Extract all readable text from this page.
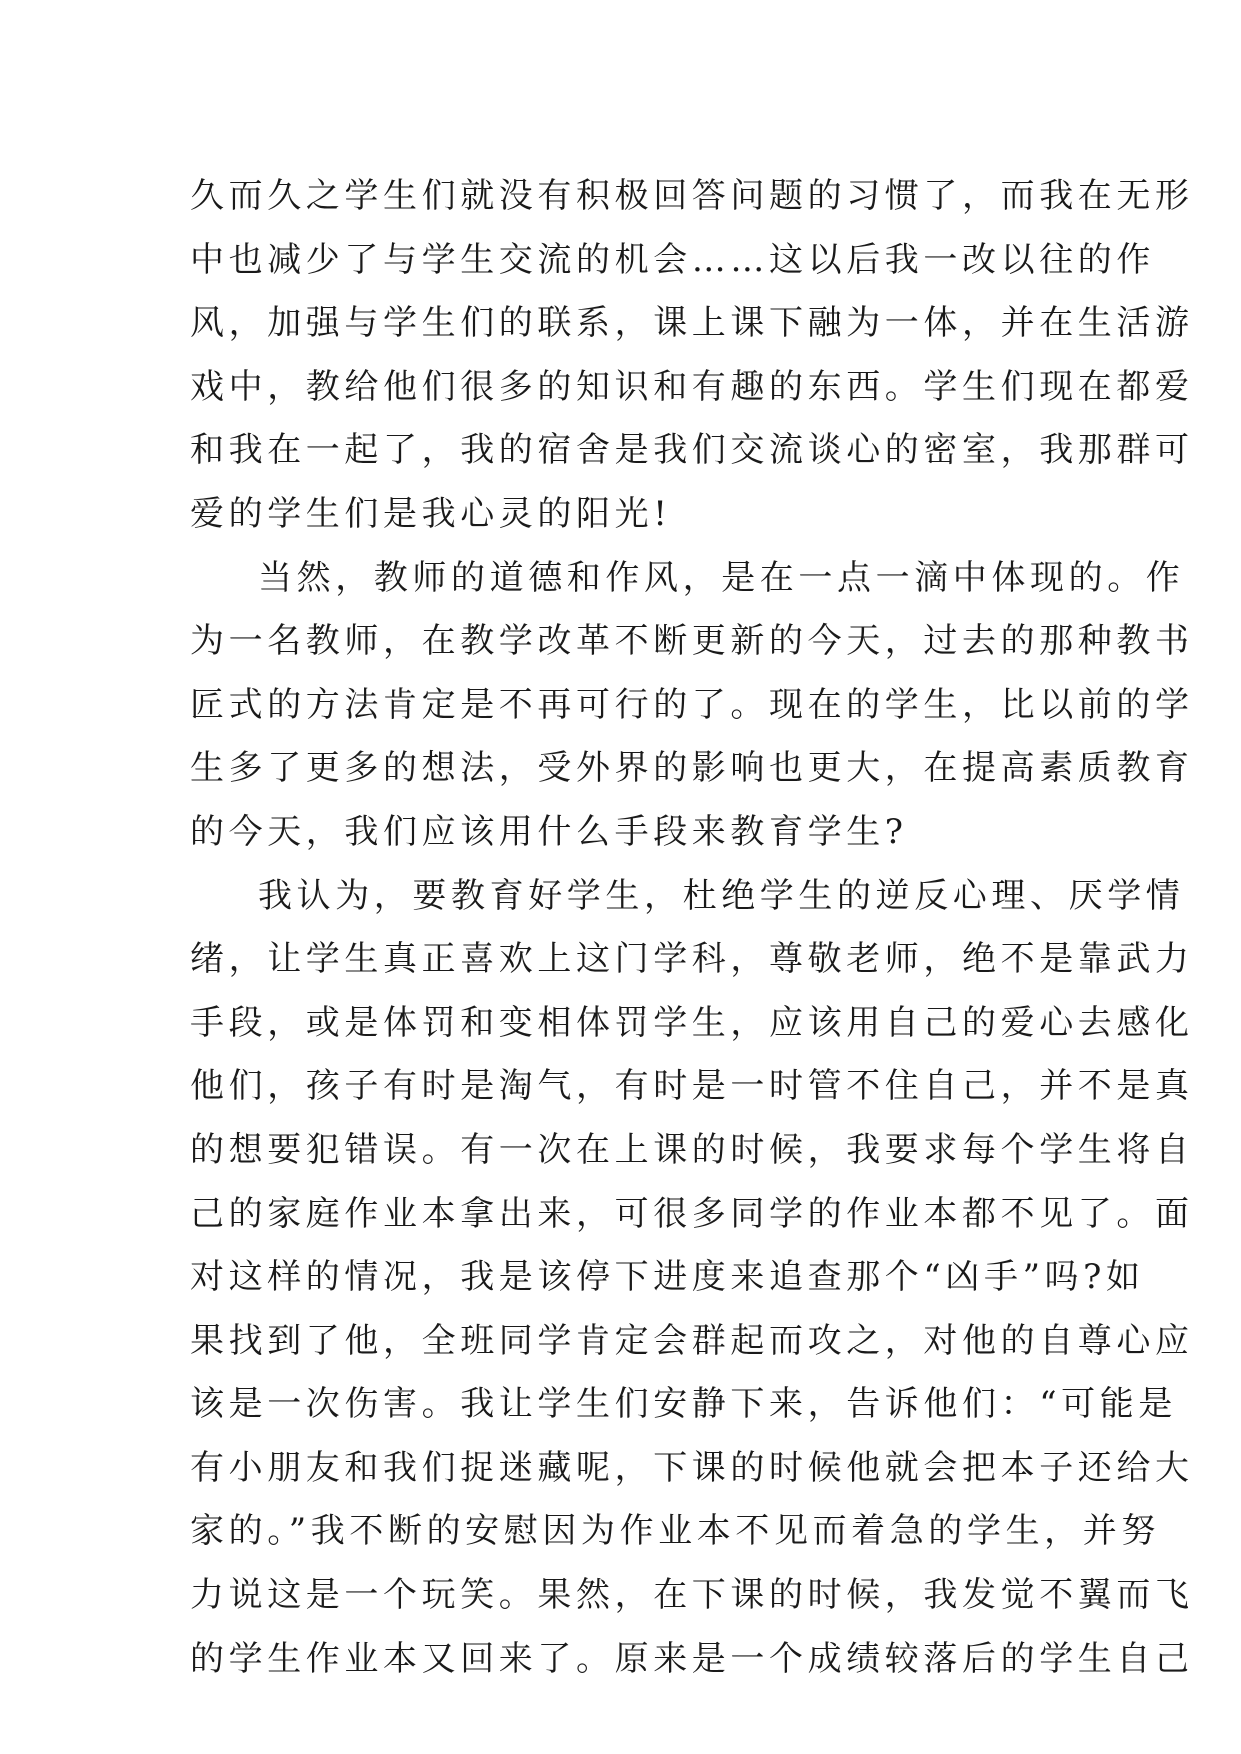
久而久之学生们就没有积极回答问题的习惯了，而我在无形
中也减少了与学生交流的机会……这以后我一改以往的作
风，加强与学生们的联系，课上课下融为一体，并在生活游
戏中，教给他们很多的知识和有趣的东西。学生们现在都爱
和我在一起了，我的宿舍是我们交流谈心的密室，我那群可
爱的学生们是我心灵的阳光!

当然，教师的道德和作风，是在一点一滴中体现的。作
为一名教师，在教学改革不断更新的今天，过去的那种教书
匠式的方法肯定是不再可行的了。现在的学生，比以前的学
生多了更多的想法，受外界的影响也更大，在提高素质教育
的今天，我们应该用什么手段来教育学生?

我认为，要教育好学生，杜绝学生的逆反心理、厌学情
绪，让学生真正喜欢上这门学科，尊敬老师，绝不是靠武力
手段，或是体罚和变相体罚学生，应该用自己的爱心去感化
他们，孩子有时是淘气，有时是一时管不住自己，并不是真
的想要犯错误。有一次在上课的时候，我要求每个学生将自
己的家庭作业本拿出来，可很多同学的作业本都不见了。面
对这样的情况，我是该停下进度来追查那个“凶手”吗?如
果找到了他，全班同学肯定会群起而攻之，对他的自尊心应
该是一次伤害。我让学生们安静下来，告诉他们：“可能是
有小朋友和我们捉迷藏呢，下课的时候他就会把本子还给大
家的。”我不断的安慰因为作业本不见而着急的学生，并努
力说这是一个玩笑。果然，在下课的时候，我发觉不翼而飞
的学生作业本又回来了。原来是一个成绩较落后的学生自己
